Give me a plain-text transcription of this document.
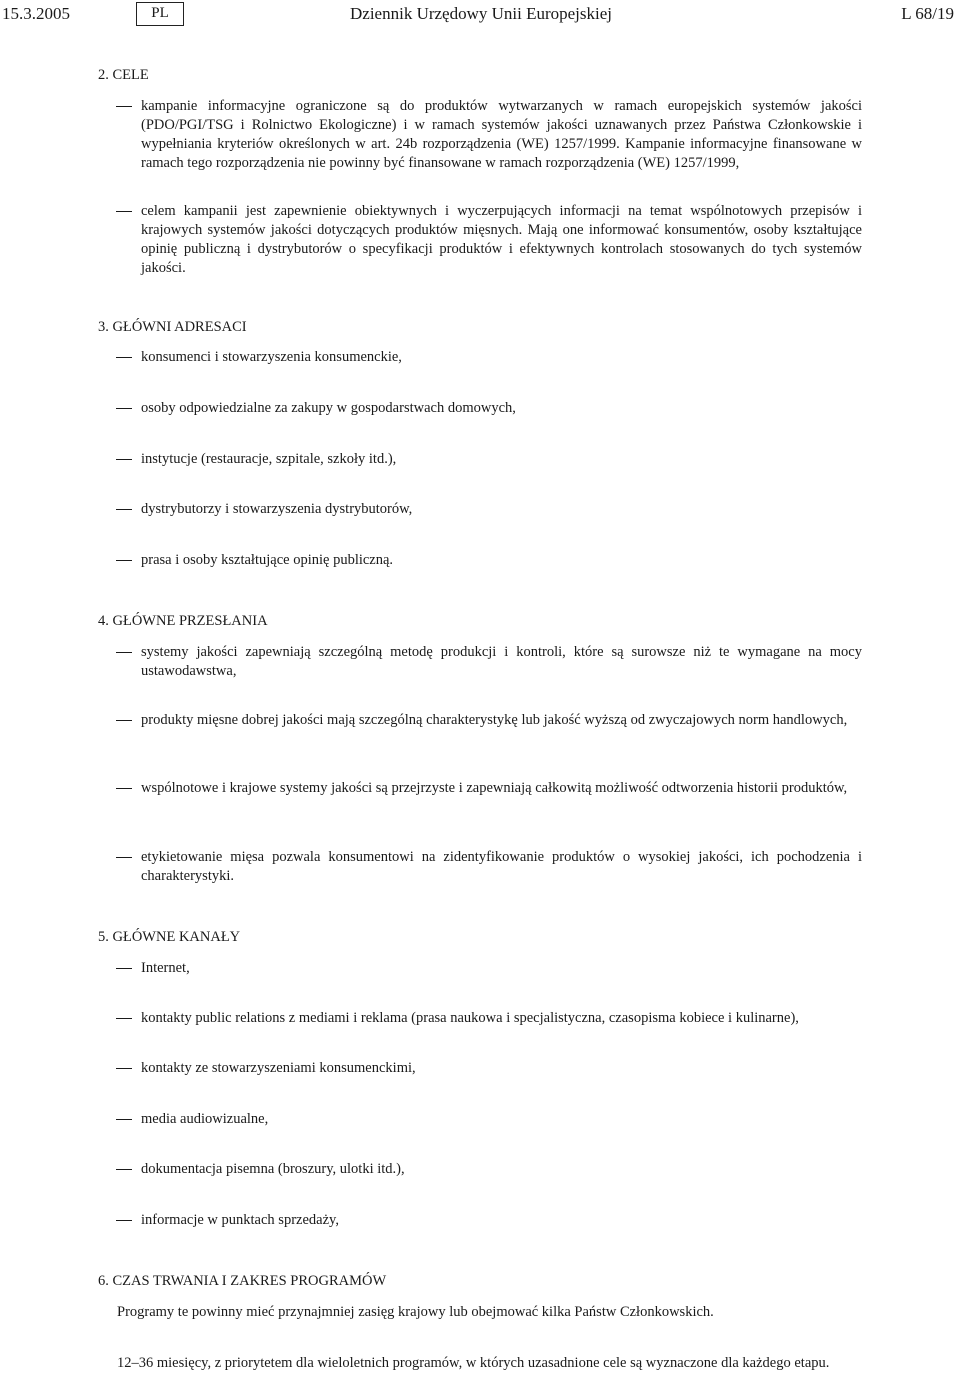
15.3.2005	PL	Dziennik Urzędowy Unii Europejskiej	L 68/19
2. CELE
kampanie informacyjne ograniczone są do produktów wytwarzanych w ramach europejskich systemów jakości (PDO/PGI/TSG i Rolnictwo Ekologiczne) i w ramach systemów jakości uznawanych przez Państwa Członkowskie i wypełniania kryteriów określonych w art. 24b rozporządzenia (WE) 1257/1999. Kampanie informacyjne finansowane w ramach tego rozporządzenia nie powinny być finansowane w ramach rozporządzenia (WE) 1257/1999,
celem kampanii jest zapewnienie obiektywnych i wyczerpujących informacji na temat wspólnotowych przepisów i krajowych systemów jakości dotyczących produktów mięsnych. Mają one informować konsumentów, osoby kształtujące opinię publiczną i dystrybutorów o specyfikacji produktów i efektywnych kontrolach stosowanych do tych systemów jakości.
3. GŁÓWNI ADRESACI
konsumenci i stowarzyszenia konsumenckie,
osoby odpowiedzialne za zakupy w gospodarstwach domowych,
instytucje (restauracje, szpitale, szkoły itd.),
dystrybutorzy i stowarzyszenia dystrybutorów,
prasa i osoby kształtujące opinię publiczną.
4. GŁÓWNE PRZESŁANIA
systemy jakości zapewniają szczególną metodę produkcji i kontroli, które są surowsze niż te wymagane na mocy ustawodawstwa,
produkty mięsne dobrej jakości mają szczególną charakterystykę lub jakość wyższą od zwyczajowych norm handlowych,
wspólnotowe i krajowe systemy jakości są przejrzyste i zapewniają całkowitą możliwość odtworzenia historii produktów,
etykietowanie mięsa pozwala konsumentowi na zidentyfikowanie produktów o wysokiej jakości, ich pochodzenia i charakterystyki.
5. GŁÓWNE KANAŁY
Internet,
kontakty public relations z mediami i reklama (prasa naukowa i specjalistyczna, czasopisma kobiece i kulinarne),
kontakty ze stowarzyszeniami konsumenckimi,
media audiowizualne,
dokumentacja pisemna (broszury, ulotki itd.),
informacje w punktach sprzedaży,
6. CZAS TRWANIA I ZAKRES PROGRAMÓW
Programy te powinny mieć przynajmniej zasięg krajowy lub obejmować kilka Państw Członkowskich.
12–36 miesięcy, z priorytetem dla wieloletnich programów, w których uzasadnione cele są wyznaczone dla każdego etapu.
